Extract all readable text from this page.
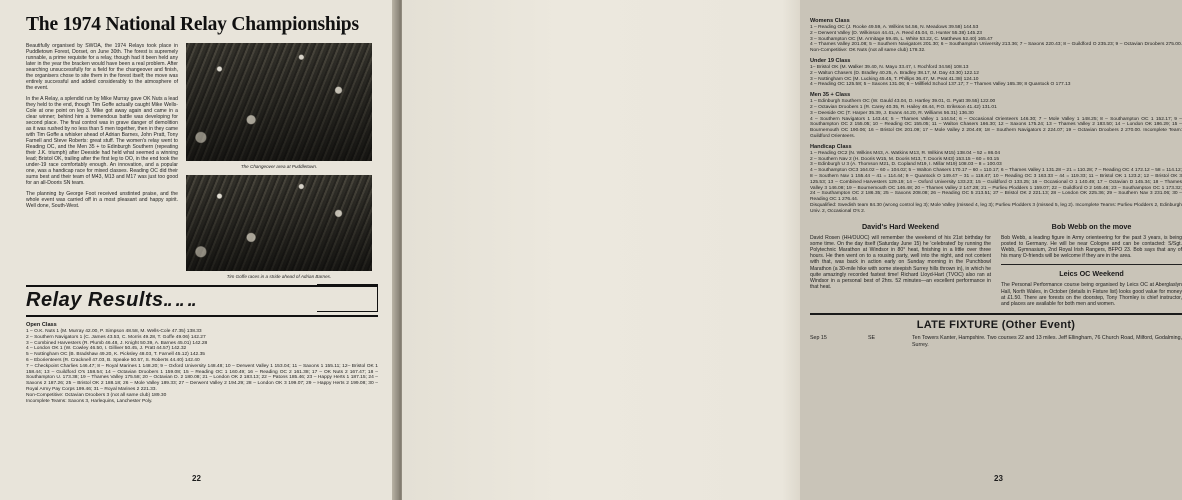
The 1974 National Relay Championships

Beautifully organised by SWOA, the 1974 Relays took place in Puddletown Forest, Dorset, on June 30th. The forest is supremely runnable, a prime requisite for a relay, though had it been held any later in the year the bracken would have been a real problem. After searching unsuccessfully for a field for the changeover and finish, the organisers chose to site them in the forest itself; the move was entirely successful and added considerably to the atmosphere of the event.

In the A Relay, a splendid run by Mike Murray gave OK Nuts a lead they held to the end, though Tim Goffe actually caught Mike Wells-Cole at one point on leg 3. Mike got away again and came in a clear winner; behind him a tremendous battle was developing for second place. The final control was in grave danger of demolition as it was rushed by no less than 5 men together, then in they came with Tim Goffe a whisker ahead of Adrian Barnes, John Pratt, Tony Farnell and Steve Roberts: great stuff. The women's relay went to Reading OC, and the Men 35 + to Edinburgh Southern (repeating their J.K. triumph) after Deeside had held what seemed a winning lead; Bristol OK, trailing after the first leg to OO, in the end took the under-19 race comfortably enough. An innovation, and a popular one, was a handicap race for mixed classes. Reading OC did their sums best and their team of M43, M13 and M17 was just too good for an all-Dooris SN team.

The planning by George Foot received unstinted praise, and the whole event was carried off in a most pleasant and happy spirit. Well done, South-West.

The Changeover area at Puddletown.
Tim Goffe races in a stride ahead of Adrian Barnes.
Relay Results.. .. ..
Open Class
1 – O.K. Nuts 1 (M. Murray 42.00, P. Simpson 48.58, M. Wells-Cole 47.35) 138.33
2 – Southern Navigators 1 (C. James 43.53, C. Morris 49.28, T. Goffe 49.06) 142.27
3 – Combined Harvesters (R. Plumb 46.48, J. Knight 50.39, A. Barnes 45.01) 142.28
4 – London OK 1 (W. Cowley 46.50, I. Gilliver 50.45, J. Pratt 44.57) 142.32
5 – Nottingham OC (B. Bradshaw 49.20, K. Picksley 48.03, T. Farnell 45.12) 142.35
6 – Eborienteers (R. Cracknell 47.03, B. Speake 50.57, S. Roberts 44.40) 142.40
7 – Checkpoint Charlies 146.47; 8 – Royal Marines 1 148.20; 9 – Oxford University 148.48; 10 – Derwent Valley 1 153.04; 11 – Saxons 1 155.11; 12– Bristol OK 1 158.44; 13 – Guildford O's 158.54; 14 – Octavian Droobers 1 159.08; 15 – Reading OC 1 160.49; 16 – Reading OC 2 161.38; 17 – OK Nuts 2 167.47; 18 – Southampton U. 173.38; 19 – Thames Valley 175.58; 20 – Octavian D. 2 180.08; 21 – London OK 2 183.13; 22 – Patons 185.46; 23 – Happy Herts 1 187.15; 24 – Saxons 2 187.26; 25 – Bristol OK 2 188.18; 26 – Mole Valley 189.33; 27 – Derwent Valley 2 194.29; 28 – London OK 3 199.07; 29 – Happy Herts 2 199.08; 30 – Royal Army Pay Corps 199.46; 31 – Royal Marines 2 221.33.
Non-Competitive: Octavian Droobers 3 (not all same club) 189.30
Incomplete Teams: Saxons 3, Harlequins, Lanchester Poly.
22
Womens Class
1 – Reading OC (J. Rooke 49.59, A. Wilkins 54.56, N. Meadows 39.58) 144.53
2 – Derwent Valley (D. Wilkinson 44.41, A. Reed 45.04, G. Hunter 55.38) 145.23
3 – Southampton OC (M. Armitage 59.45, L. White 53.22, C. Matthews 52.40) 165.47
4 – Thames Valley 201.08; 5 – Southern Navigators 201.30; 6 – Southampton University 213.36; 7 – Saxons 220.43; 8 – Guildford O 235.23; 9 – Octavian Droobers 275.00. Non-Competitive: OK Nuts (not all same club) 178.32.
Under 19 Class
1– Bristol OK (M. Walker 39.40, N. Mayo 33.47, I. Rochford 34.56) 108.13
2 – Walton Chasers (D. Bradley 40.25, A. Bradley 38.17, M. Day 43.30) 122.12
3 – Nottingham OC (M. Lucking 45.45, T. Phillips 36.47, M. Peat 41.38) 124.10
4 – Reading OC 125.58; 5 – Saxons 131.06; 6 – Millfield School 137.17; 7 – Thames Valley 165.39; 8 Quantock O 177.13
Men 35 + Class
1 – Edinburgh Southern OC (W. Gauld 43.04, D. Hartley 39.01, G. Pyatt 39.55) 122.00
2 – Octavian Droobers 1 (R. Carey 40.35, R. Hailey 48.44, P.O. Eriksson 41.42) 131.01
3 – Deeside OC (T. Harper 35.39, J. Evans 44.20, R. Williams 56.31) 136.30
4 – Southern Navigators 1 143.44; 5 – Thames Valley 1 144.54; 6 – Occasional Orienteers 146.30; 7 – Mole Valley 1 148.25; 8 – Southampton OC 1 152.17; 9 – Southampton OC 2 155.05; 10 – Reading OC 155.05; 11 – Walton Chasers 166.30; 12 – Saxons 175.24; 13 – Thames Valley 2 183.50; 14 – London OK 186.29; 15 – Bournemouth OC 190.06; 16 – Bristol OK 201.09; 17 – Mole Valley 2 204.49; 18 – Southern Navigators 2 224.07; 19 – Octavian Droobers 2 270.00. Incomplete Team: Guildford Orienteers.
Handicap Class
1 – Reading OC2 (N. Wilkins M43, A. Watkins M13, R. Wilkins M15) 138.04 – 52 = 86.04
2 – Southern Nav 2 (H. Dooris W15, M. Dooris M13, T. Dooris M43) 153.15 – 60 = 93.15
3 – Edinburgh U 3 (A. Thomson M21, D. Copland M19, I. Millar M19) 108.03 – 8 = 100.03
4 – Southampton OC3 164.02 – 60 = 104.02; 5 – Walton Chasers 170.17 – 60 = 110.17; 6 – Thames Valley 1 131.28 – 21 = 110.28; 7 – Reading OC 4 172.12 – 58 = 114.12; 8 – Southern Nav 1 155.44 – 41 = 114.44; 9 – Quantock O 149.47 – 31 = 118.47; 10 – Reading OC 3 163.33 – 44 = 119.33; 11 – Bristol OK 1 123.2; 12 – Bristol OK 3 125.53; 13 – Combined Harvesters 129.19; 14 – Oxford University 133.23; 15 – Guildford O 133.25; 16 – Occasional O 1 140.49; 17 – Octavian D 145.34; 18 – Thames Valley 3 146.08; 19 – Bournemouth OC 146.48; 20 – Thames Valley 2 147.28; 21 – Purlieu Plodders 1 159.07; 22 – Guildford O 2 165.46; 23 – Southampton OC 1 173.32; 24 – Southampton OC 2 186.35; 25 – Saxons 208.08; 26 – Reading OC 5 213.51; 27 – Bristol OK 2 221.13; 28 – London OK 225.36; 29 – Southern Nav 3 231.06; 30 – Reading OC 1 276.44.
Disqualified: Swedish team 84.30 (wrong control leg 3); Mole Valley (missed 4, leg 3); Purlieu Plodders 3 (missed 5, leg 2). Incomplete Teams: Purlieu Plodders 2, Edinburgh Univ. 2, Occasional O's 2.
David's Hard Weekend
David Rosen (HH/OUOC) will remember the weekend of his 21st birthday for some time. On the day itself (Saturday June 15) he 'celebrated' by running the Polytechnic Marathon at Windsor in 80° heat, finishing in a little over three hours. He then went on to a rousing party, well into the night, and not content with that, was back in action early on Sunday morning in the Punchbowl Marathon (a 30-mile hike with some steepish Surrey hills thrown in), in which he quite amazingly recorded fastest time! Richard Lloyd-Hart (TVOC) also ran at Windsor in a personal best of 2hrs. 52 minutes—an excellent performance in that heat.
Bob Webb on the move
Bob Webb, a leading figure in Army orienteering for the past 3 years, is being posted to Germany. He will be near Cologne and can be contacted: S/Sgt. Webb, Gymnasium, 2nd Royal Irish Rangers, BFPO 23. Bob says that any of his many O-friends will be welcome if they are in the area.
Leics OC Weekend
The Personal Performance course being organised by Leics OC at Aberglaslyn Hall, North Wales, in October (details in Fixture list) looks good value for money at £1.50. There are forests on the doorstep, Tony Thornley is chief instructor, and places are available for both men and women.
LATE FIXTURE (Other Event)
Sep 15	SE	Ten Towers Kanter, Hampshire. Two courses 22 and 13 miles. Jeff Ellingham, 76 Church Road, Milford, Godalming, Surrey.
23
